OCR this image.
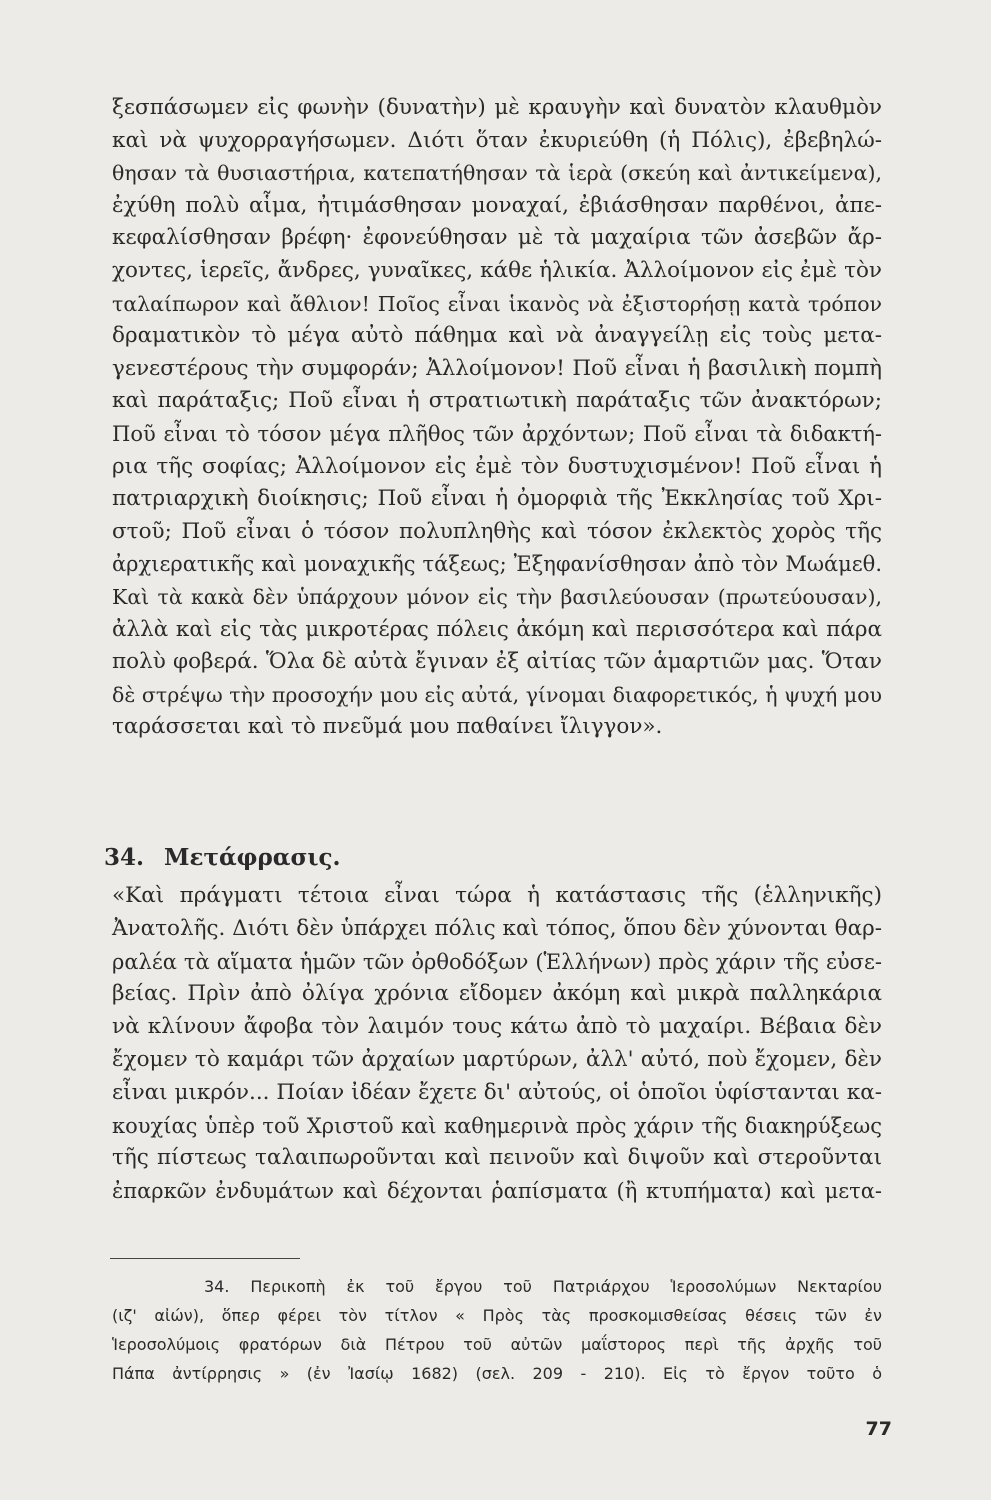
ξεσπάσωμεν εἰς φωνὴν (δυνατὴν) μὲ κραυγὴν καὶ δυνατὸν κλαυθμὸν
καὶ νὰ ψυχορραγήσωμεν. Διότι ὅταν ἐκυριεύθη (ἡ Πόλις), ἐβεβηλώ-
θησαν τὰ θυσιαστήρια, κατεπατήθησαν τὰ ἱερὰ (σκεύη καὶ ἀντικείμενα),
ἐχύθη πολὺ αἷμα, ἠτιμάσθησαν μοναχαί, ἐβιάσθησαν παρθένοι, ἀπε-
κεφαλίσθησαν βρέφη· ἐφονεύθησαν μὲ τὰ μαχαίρια τῶν ἀσεβῶν ἄρ-
χοντες, ἱερεῖς, ἄνδρες, γυναῖκες, κάθε ἡλικία. Ἀλλοίμονον εἰς ἐμὲ τὸν
ταλαίπωρον καὶ ἄθλιον! Ποῖος εἶναι ἱκανὸς νὰ ἐξιστορήσῃ κατὰ τρόπον
δραματικὸν τὸ μέγα αὐτὸ πάθημα καὶ νὰ ἀναγγείλῃ εἰς τοὺς μετα-
γενεστέρους τὴν συμφοράν; Ἀλλοίμονον! Ποῦ εἶναι ἡ βασιλικὴ πομπὴ
καὶ παράταξις; Ποῦ εἶναι ἡ στρατιωτικὴ παράταξις τῶν ἀνακτόρων;
Ποῦ εἶναι τὸ τόσον μέγα πλῆθος τῶν ἀρχόντων; Ποῦ εἶναι τὰ διδακτή-
ρια τῆς σοφίας; Ἀλλοίμονον εἰς ἐμὲ τὸν δυστυχισμένον! Ποῦ εἶναι ἡ
πατριαρχικὴ διοίκησις; Ποῦ εἶναι ἡ ὀμορφιὰ τῆς Ἐκκλησίας τοῦ Χρι-
στοῦ; Ποῦ εἶναι ὁ τόσον πολυπληθὴς καὶ τόσον ἐκλεκτὸς χορὸς τῆς
ἀρχιερατικῆς καὶ μοναχικῆς τάξεως; Ἐξηφανίσθησαν ἀπὸ τὸν Μωάμεθ.
Καὶ τὰ κακὰ δὲν ὑπάρχουν μόνον εἰς τὴν βασιλεύουσαν (πρωτεύουσαν),
ἀλλὰ καὶ εἰς τὰς μικροτέρας πόλεις ἀκόμη καὶ περισσότερα καὶ πάρα
πολὺ φοβερά. Ὅλα δὲ αὐτὰ ἔγιναν ἐξ αἰτίας τῶν ἁμαρτιῶν μας. Ὅταν
δὲ στρέψω τὴν προσοχήν μου εἰς αὐτά, γίνομαι διαφορετικός, ἡ ψυχή μου
ταράσσεται καὶ τὸ πνεῦμά μου παθαίνει ἴλιγγον».
34. Μετάφρασις.
«Καὶ πράγματι τέτοια εἶναι τώρα ἡ κατάστασις τῆς (ἑλληνικῆς)
Ἀνατολῆς. Διότι δὲν ὑπάρχει πόλις καὶ τόπος, ὅπου δὲν χύνονται θαρ-
ραλέα τὰ αἵματα ἡμῶν τῶν ὀρθοδόξων (Ἑλλήνων) πρὸς χάριν τῆς εὐσε-
βείας. Πρὶν ἀπὸ ὀλίγα χρόνια εἴδομεν ἀκόμη καὶ μικρὰ παλληκάρια
νὰ κλίνουν ἄφοβα τὸν λαιμόν τους κάτω ἀπὸ τὸ μαχαίρι. Βέβαια δὲν
ἔχομεν τὸ καμάρι τῶν ἀρχαίων μαρτύρων, ἀλλ' αὐτό, ποὺ ἔχομεν, δὲν
εἶναι μικρόν... Ποίαν ἰδέαν ἔχετε δι' αὐτούς, οἱ ὁποῖοι ὑφίστανται κα-
κουχίας ὑπὲρ τοῦ Χριστοῦ καὶ καθημερινὰ πρὸς χάριν τῆς διακηρύξεως
τῆς πίστεως ταλαιπωροῦνται καὶ πεινοῦν καὶ διψοῦν καὶ στεροῦνται
ἐπαρκῶν ἐνδυμάτων καὶ δέχονται ῥαπίσματα (ἢ κτυπήματα) καὶ μετα-
34. Περικοπὴ ἐκ τοῦ ἔργου τοῦ Πατριάρχου Ἱεροσολύμων Νεκταρίου
(ιζ' αἰών), ὅπερ φέρει τὸν τίτλον « Πρὸς τὰς προσκομισθείσας θέσεις τῶν ἐν
Ἱεροσολύμοις φρατόρων διὰ Πέτρου τοῦ αὐτῶν μαΐστορος περὶ τῆς ἀρχῆς τοῦ
Πάπα ἀντίρρησις » (ἐν Ἰασίῳ 1682) (σελ. 209 - 210). Εἰς τὸ ἔργον τοῦτο ὁ
77
